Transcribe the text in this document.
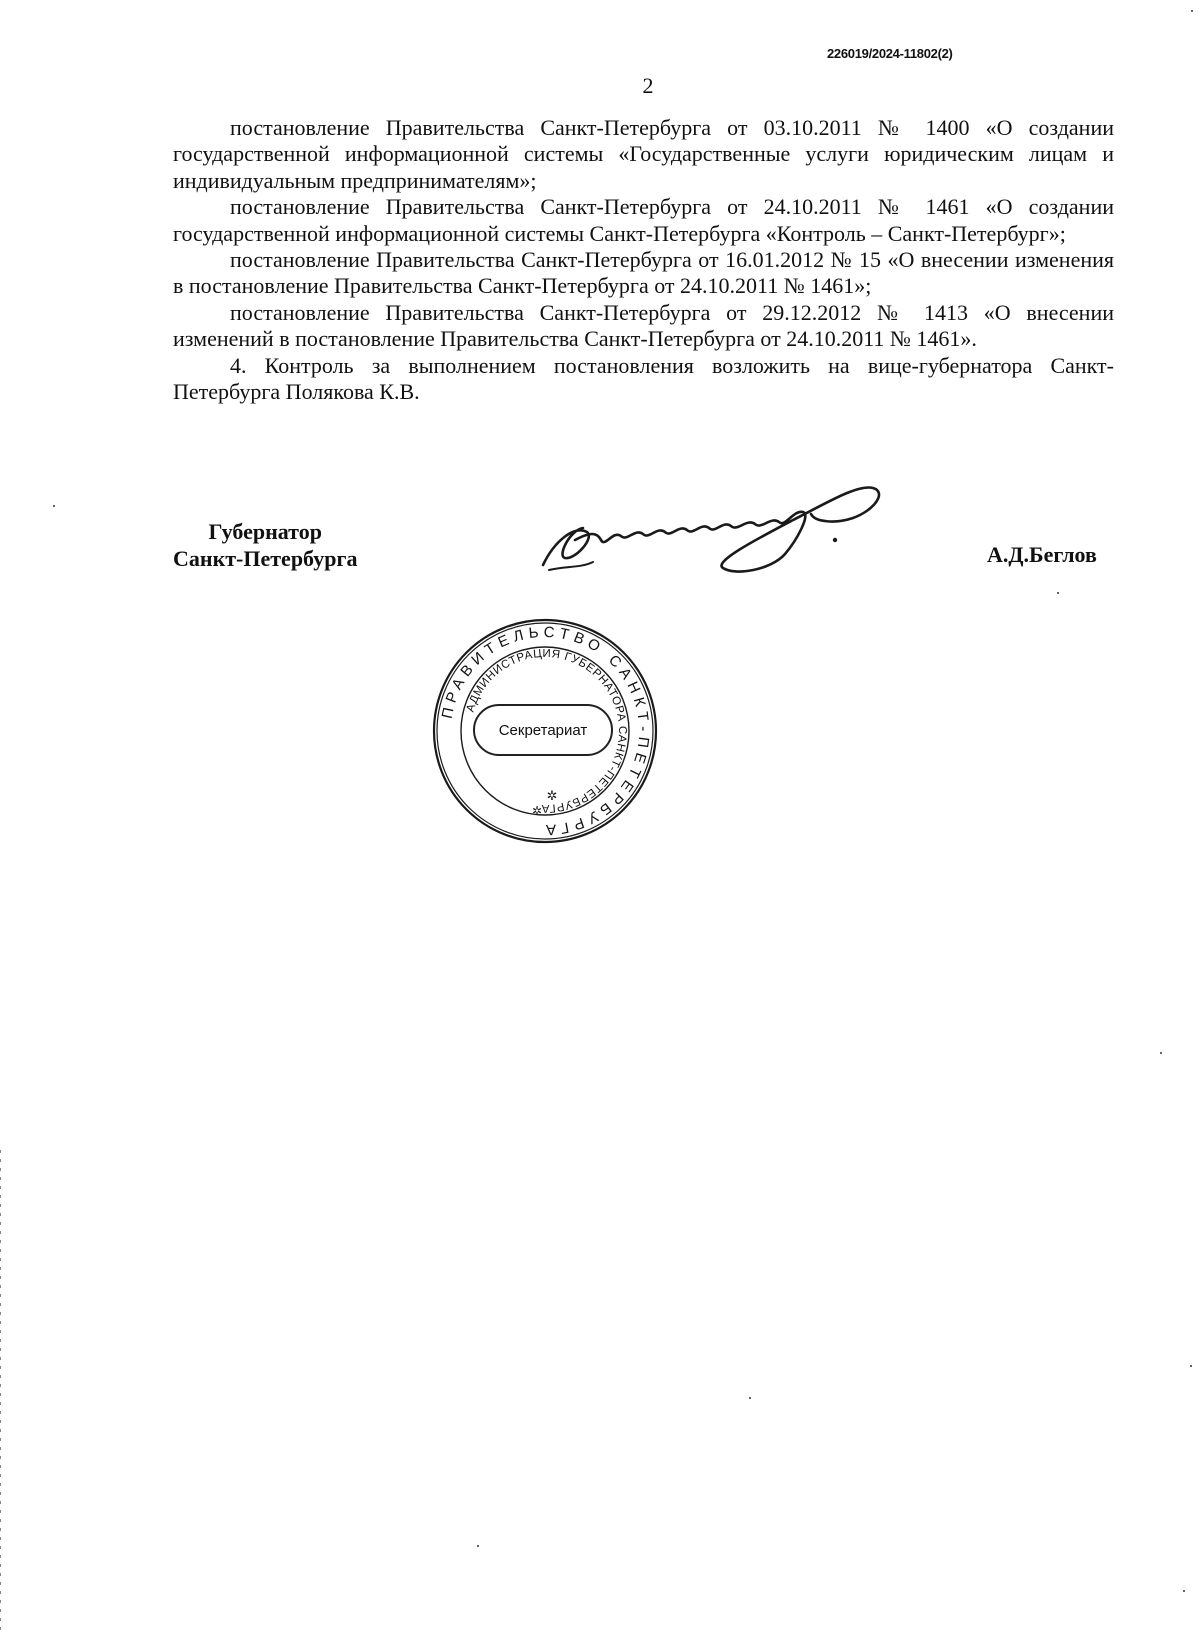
226019/2024-11802(2)
2

постановление Правительства Санкт-Петербурга от 03.10.2011 № 1400 «О создании государственной информационной системы «Государственные услуги юридическим лицам и индивидуальным предпринимателям»;

постановление Правительства Санкт-Петербурга от 24.10.2011 № 1461 «О создании государственной информационной системы Санкт-Петербурга «Контроль – Санкт-Петербург»;

постановление Правительства Санкт-Петербурга от 16.01.2012 № 15 «О внесении изменения в постановление Правительства Санкт-Петербурга от 24.10.2011 № 1461»;

постановление Правительства Санкт-Петербурга от 29.12.2012 № 1413 «О внесении изменений в постановление Правительства Санкт-Петербурга от 24.10.2011 № 1461».

4. Контроль за выполнением постановления возложить на вице-губернатора Санкт-Петербурга Полякова К.В.

Губернатор
Санкт-Петербурга	А.Д.Беглов
ПРАВИТЕЛЬСТВО САНКТ-ПЕТЕРБУРГА
АДМИНИСТРАЦИЯ ГУБЕРНАТОРА САНКТ-ПЕТЕРБУРГА
✲
✲
Секретариат
